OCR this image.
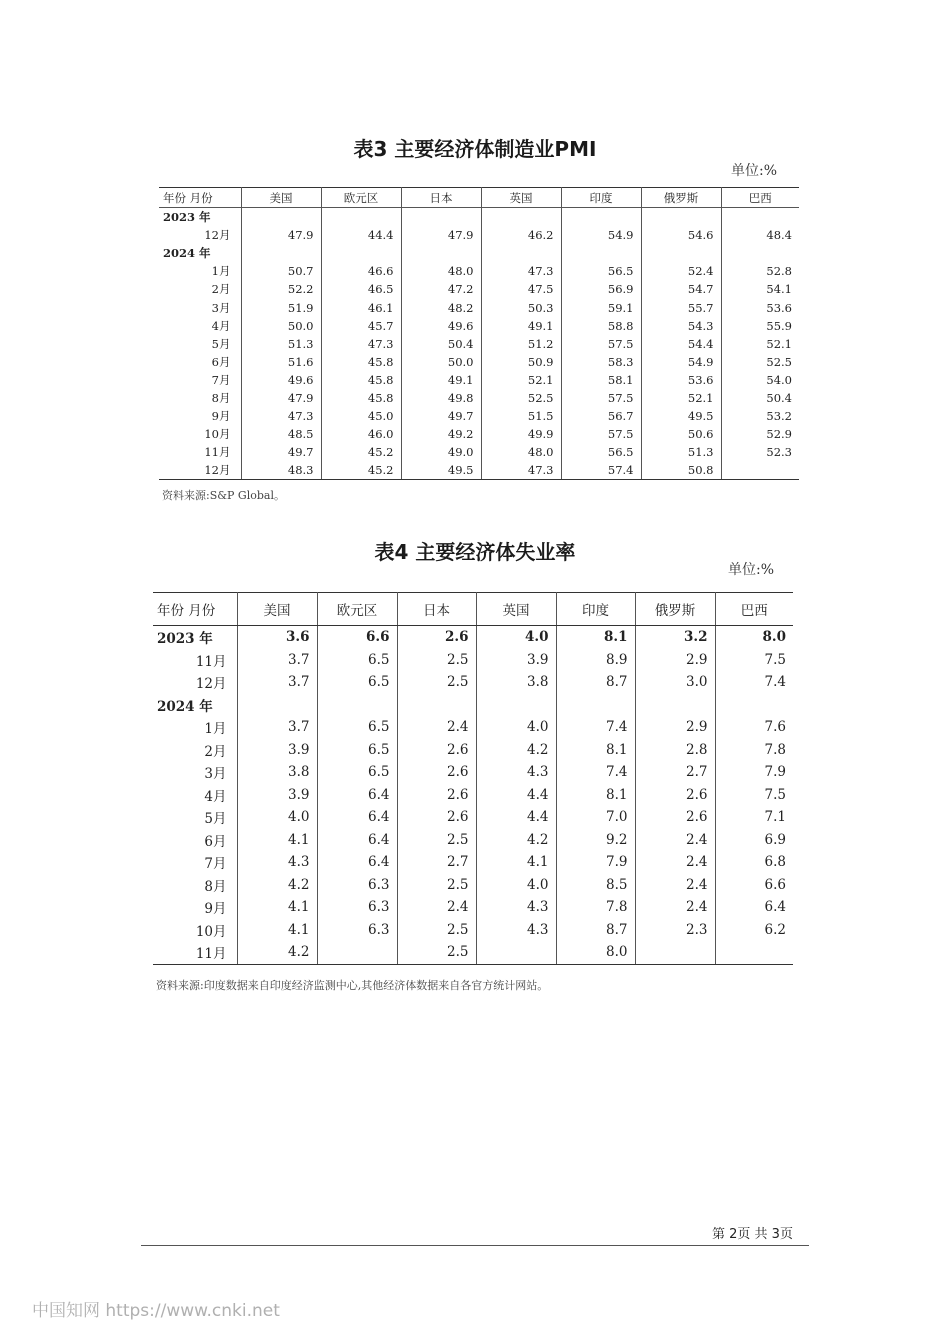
表3 主要经济体制造业PMI
单位:%
年份 月份	美国	欧元区	日本	英国	印度	俄罗斯	巴西
2023 年							
12月	47.9	44.4	47.9	46.2	54.9	54.6	48.4
2024 年							
1月	50.7	46.6	48.0	47.3	56.5	52.4	52.8
2月	52.2	46.5	47.2	47.5	56.9	54.7	54.1
3月	51.9	46.1	48.2	50.3	59.1	55.7	53.6
4月	50.0	45.7	49.6	49.1	58.8	54.3	55.9
5月	51.3	47.3	50.4	51.2	57.5	54.4	52.1
6月	51.6	45.8	50.0	50.9	58.3	54.9	52.5
7月	49.6	45.8	49.1	52.1	58.1	53.6	54.0
8月	47.9	45.8	49.8	52.5	57.5	52.1	50.4
9月	47.3	45.0	49.7	51.5	56.7	49.5	53.2
10月	48.5	46.0	49.2	49.9	57.5	50.6	52.9
11月	49.7	45.2	49.0	48.0	56.5	51.3	52.3
12月	48.3	45.2	49.5	47.3	57.4	50.8	
资料来源:S&P Global。
表4 主要经济体失业率
单位:%
年份 月份	美国	欧元区	日本	英国	印度	俄罗斯	巴西
2023 年	3.6	6.6	2.6	4.0	8.1	3.2	8.0
11月	3.7	6.5	2.5	3.9	8.9	2.9	7.5
12月	3.7	6.5	2.5	3.8	8.7	3.0	7.4
2024 年							
1月	3.7	6.5	2.4	4.0	7.4	2.9	7.6
2月	3.9	6.5	2.6	4.2	8.1	2.8	7.8
3月	3.8	6.5	2.6	4.3	7.4	2.7	7.9
4月	3.9	6.4	2.6	4.4	8.1	2.6	7.5
5月	4.0	6.4	2.6	4.4	7.0	2.6	7.1
6月	4.1	6.4	2.5	4.2	9.2	2.4	6.9
7月	4.3	6.4	2.7	4.1	7.9	2.4	6.8
8月	4.2	6.3	2.5	4.0	8.5	2.4	6.6
9月	4.1	6.3	2.4	4.3	7.8	2.4	6.4
10月	4.1	6.3	2.5	4.3	8.7	2.3	6.2
11月	4.2		2.5		8.0		
资料来源:印度数据来自印度经济监测中心,其他经济体数据来自各官方统计网站。
第 2页 共 3页
中国知网 https://www.cnki.net
